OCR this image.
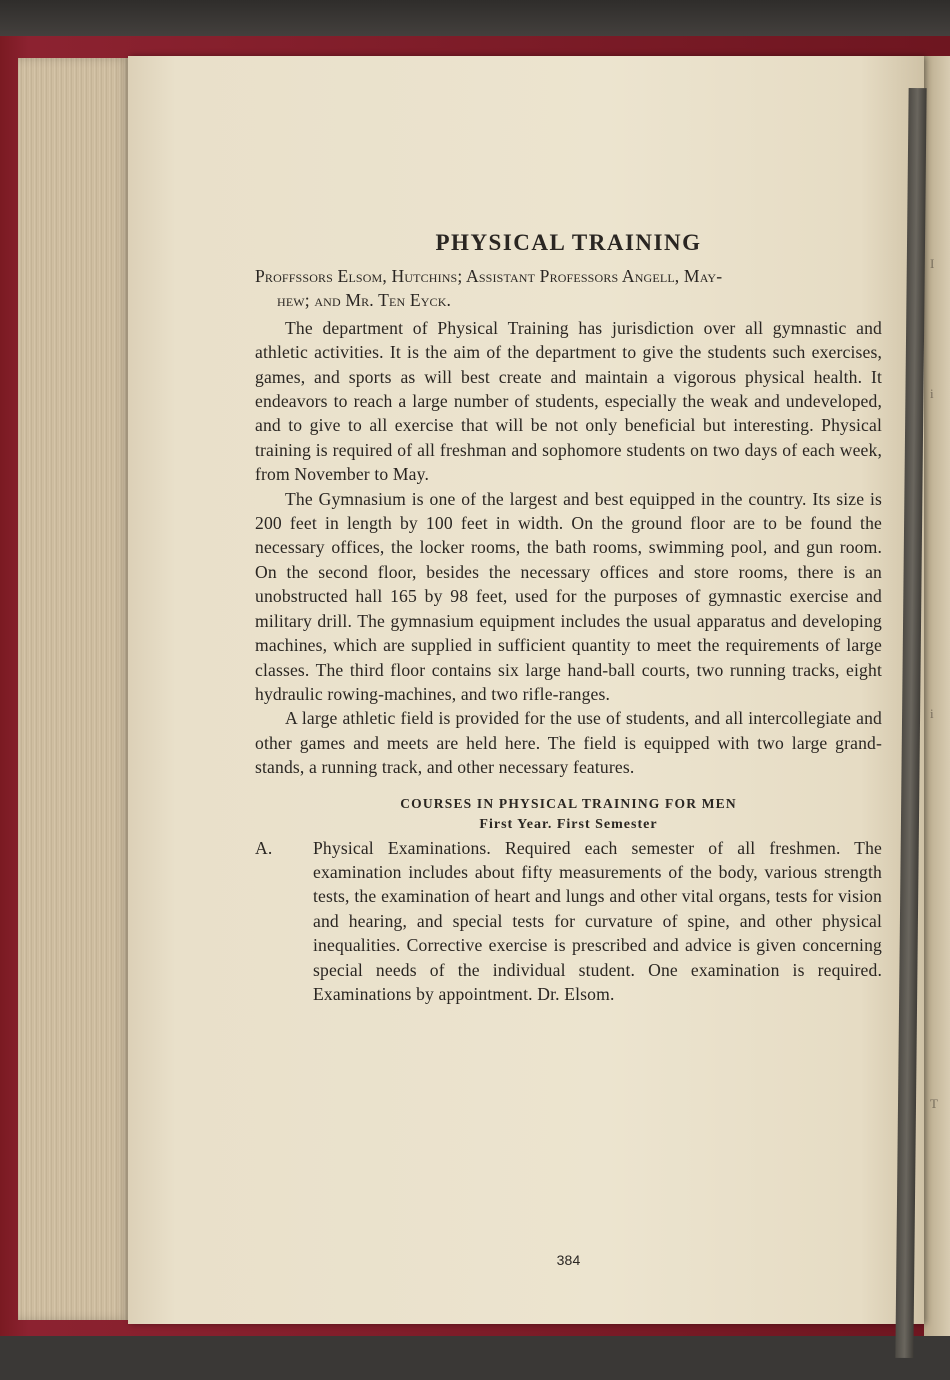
I
i
i
T
PHYSICAL TRAINING

Proffssors Elsom, Hutchins; Assistant Professors Angell, May-
hew; and Mr. Ten Eyck.

The department of Physical Training has jurisdiction over all gymnastic and athletic activities. It is the aim of the department to give the students such exercises, games, and sports as will best create and maintain a vigorous physical health. It endeavors to reach a large number of students, especially the weak and undeveloped, and to give to all exercise that will be not only beneficial but interesting. Physical training is required of all freshman and sophomore students on two days of each week, from November to May.

The Gymnasium is one of the largest and best equipped in the country. Its size is 200 feet in length by 100 feet in width. On the ground floor are to be found the necessary offices, the locker rooms, the bath rooms, swimming pool, and gun room. On the second floor, besides the necessary offices and store rooms, there is an unobstructed hall 165 by 98 feet, used for the purposes of gymnastic exercise and military drill. The gymnasium equipment includes the usual apparatus and developing machines, which are supplied in sufficient quantity to meet the requirements of large classes. The third floor contains six large hand-ball courts, two running tracks, eight hydraulic rowing-machines, and two rifle-ranges.

A large athletic field is provided for the use of students, and all intercollegiate and other games and meets are held here. The field is equipped with two large grand-stands, a running track, and other necessary features.

COURSES IN PHYSICAL TRAINING FOR MEN
First Year. First Semester

A. Physical Examinations. Required each semester of all freshmen. The examination includes about fifty measurements of the body, various strength tests, the examination of heart and lungs and other vital organs, tests for vision and hearing, and special tests for curvature of spine, and other physical inequalities. Corrective exercise is prescribed and advice is given concerning special needs of the individual student. One examination is required. Examinations by appointment. Dr. Elsom.

384
